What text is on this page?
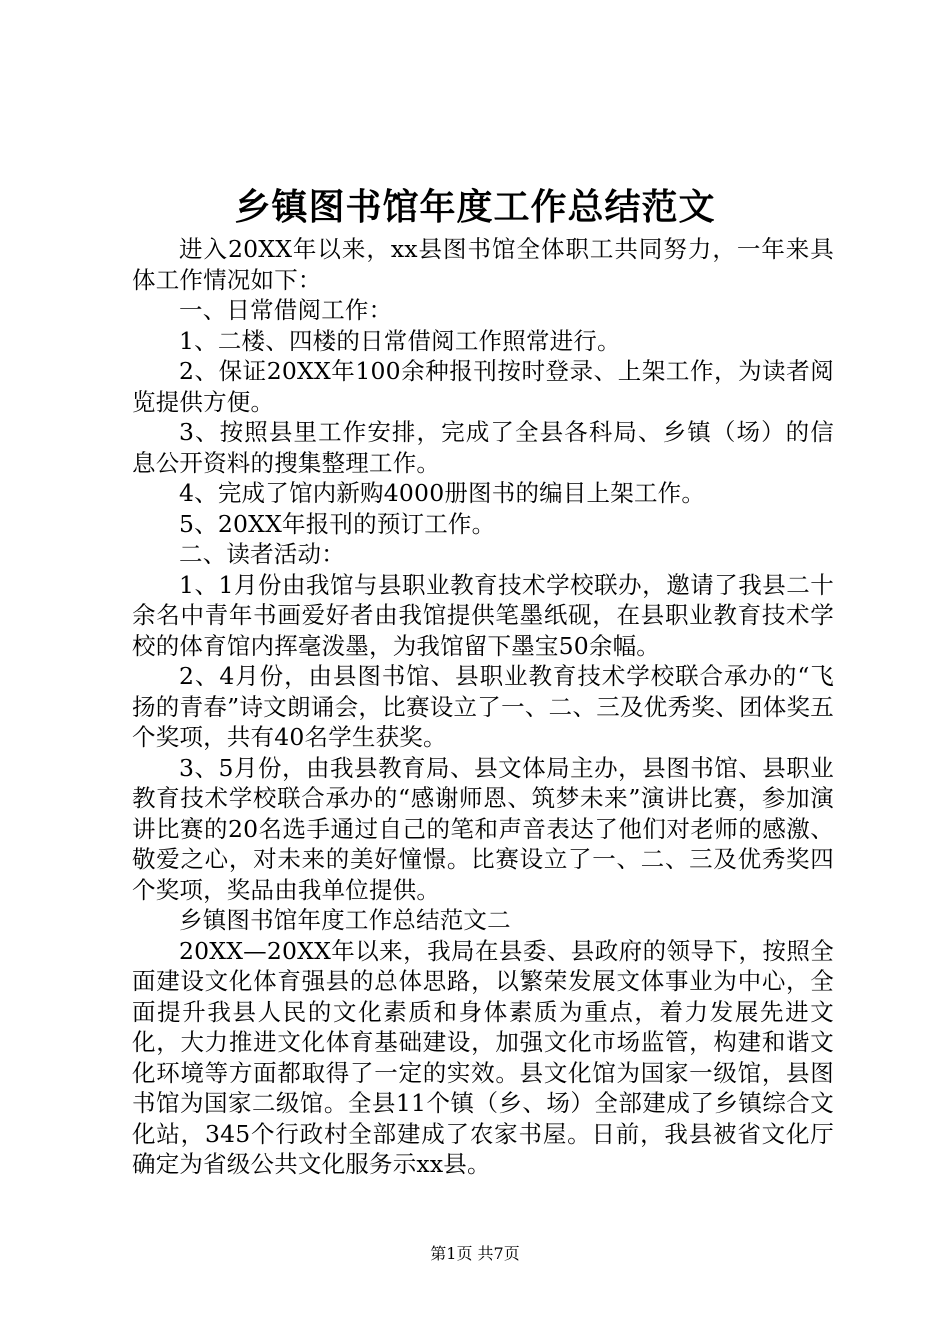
乡镇图书馆年度工作总结范文

进入20XX年以来，xx县图书馆全体职工共同努力，一年来具体工作情况如下：

一、日常借阅工作：

1、二楼、四楼的日常借阅工作照常进行。

2、保证20XX年100余种报刊按时登录、上架工作，为读者阅览提供方便。

3、按照县里工作安排，完成了全县各科局、乡镇（场）的信息公开资料的搜集整理工作。

4、完成了馆内新购4000册图书的编目上架工作。

5、20XX年报刊的预订工作。

二、读者活动：

1、1月份由我馆与县职业教育技术学校联办，邀请了我县二十余名中青年书画爱好者由我馆提供笔墨纸砚，在县职业教育技术学校的体育馆内挥毫泼墨，为我馆留下墨宝50余幅。

2、4月份，由县图书馆、县职业教育技术学校联合承办的“飞扬的青春”诗文朗诵会，比赛设立了一、二、三及优秀奖、团体奖五个奖项，共有40名学生获奖。

3、5月份，由我县教育局、县文体局主办，县图书馆、县职业教育技术学校联合承办的“感谢师恩、筑梦未来”演讲比赛，参加演讲比赛的20名选手通过自己的笔和声音表达了他们对老师的感激、敬爱之心，对未来的美好憧憬。比赛设立了一、二、三及优秀奖四个奖项，奖品由我单位提供。

乡镇图书馆年度工作总结范文二

20XX—20XX年以来，我局在县委、县政府的领导下，按照全面建设文化体育强县的总体思路，以繁荣发展文体事业为中心，全面提升我县人民的文化素质和身体素质为重点，着力发展先进文化，大力推进文化体育基础建设，加强文化市场监管，构建和谐文化环境等方面都取得了一定的实效。县文化馆为国家一级馆，县图书馆为国家二级馆。全县11个镇（乡、场）全部建成了乡镇综合文化站，345个行政村全部建成了农家书屋。日前，我县被省文化厅确定为省级公共文化服务示xx县。

第1页 共7页
